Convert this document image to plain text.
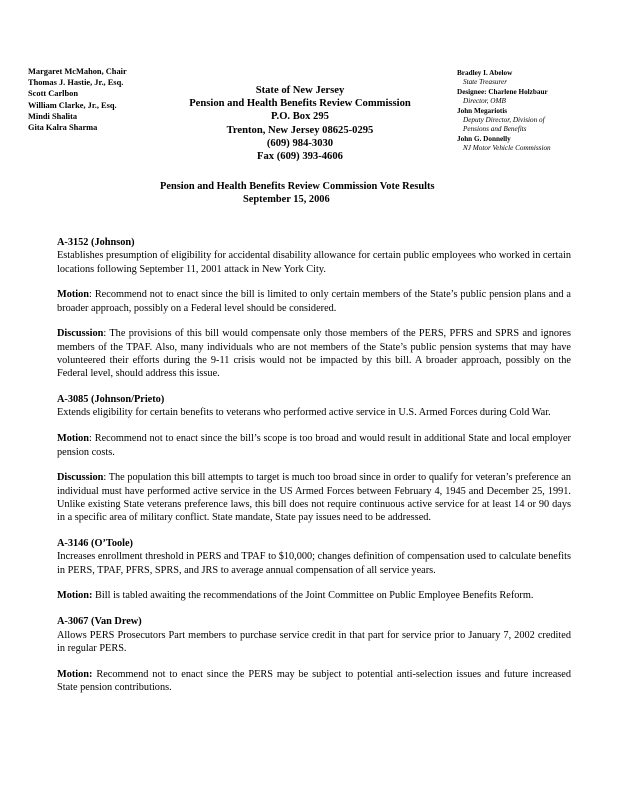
Margaret McMahon, Chair
Thomas J. Hastie, Jr., Esq.
Scott Carlbon
William Clarke, Jr., Esq.
Mindi Shalita
Gita Kalra Sharma
State of New Jersey
Pension and Health Benefits Review Commission
P.O. Box 295
Trenton, New Jersey 08625-0295
(609) 984-3030
Fax (609) 393-4606
Bradley I. Abelow
State Treasurer
Designee: Charlene Holzbaur
Director, OMB
John Megariotis
Deputy Director, Division of
Pensions and Benefits
John G. Donnelly
NJ Motor Vehicle Commission
Pension and Health Benefits Review Commission Vote Results
September 15, 2006
A-3152 (Johnson)

Establishes presumption of eligibility for accidental disability allowance for certain public employees who worked in certain locations following September 11, 2001 attack in New York City.

Motion: Recommend not to enact since the bill is limited to only certain members of the State’s public pension plans and a broader approach, possibly on a Federal level should be considered.

Discussion: The provisions of this bill would compensate only those members of the PERS, PFRS and SPRS and ignores members of the TPAF. Also, many individuals who are not members of the State’s public pension systems that may have volunteered their efforts during the 9-11 crisis would not be impacted by this bill. A broader approach, possibly on the Federal level, should address this issue.

A-3085 (Johnson/Prieto)

Extends eligibility for certain benefits to veterans who performed active service in U.S. Armed Forces during Cold War.

Motion: Recommend not to enact since the bill’s scope is too broad and would result in additional State and local employer pension costs.

Discussion: The population this bill attempts to target is much too broad since in order to qualify for veteran’s preference an individual must have performed active service in the US Armed Forces between February 4, 1945 and December 25, 1991. Unlike existing State veterans preference laws, this bill does not require continuous active service for at least 14 or 90 days in a specific area of military conflict. State mandate, State pay issues need to be addressed.

A-3146 (O’Toole)

Increases enrollment threshold in PERS and TPAF to $10,000; changes definition of compensation used to calculate benefits in PERS, TPAF, PFRS, SPRS, and JRS to average annual compensation of all service years.

Motion: Bill is tabled awaiting the recommendations of the Joint Committee on Public Employee Benefits Reform.

A-3067 (Van Drew)

Allows PERS Prosecutors Part members to purchase service credit in that part for service prior to January 7, 2002 credited in regular PERS.

Motion: Recommend not to enact since the PERS may be subject to potential anti-selection issues and future increased State pension contributions.
